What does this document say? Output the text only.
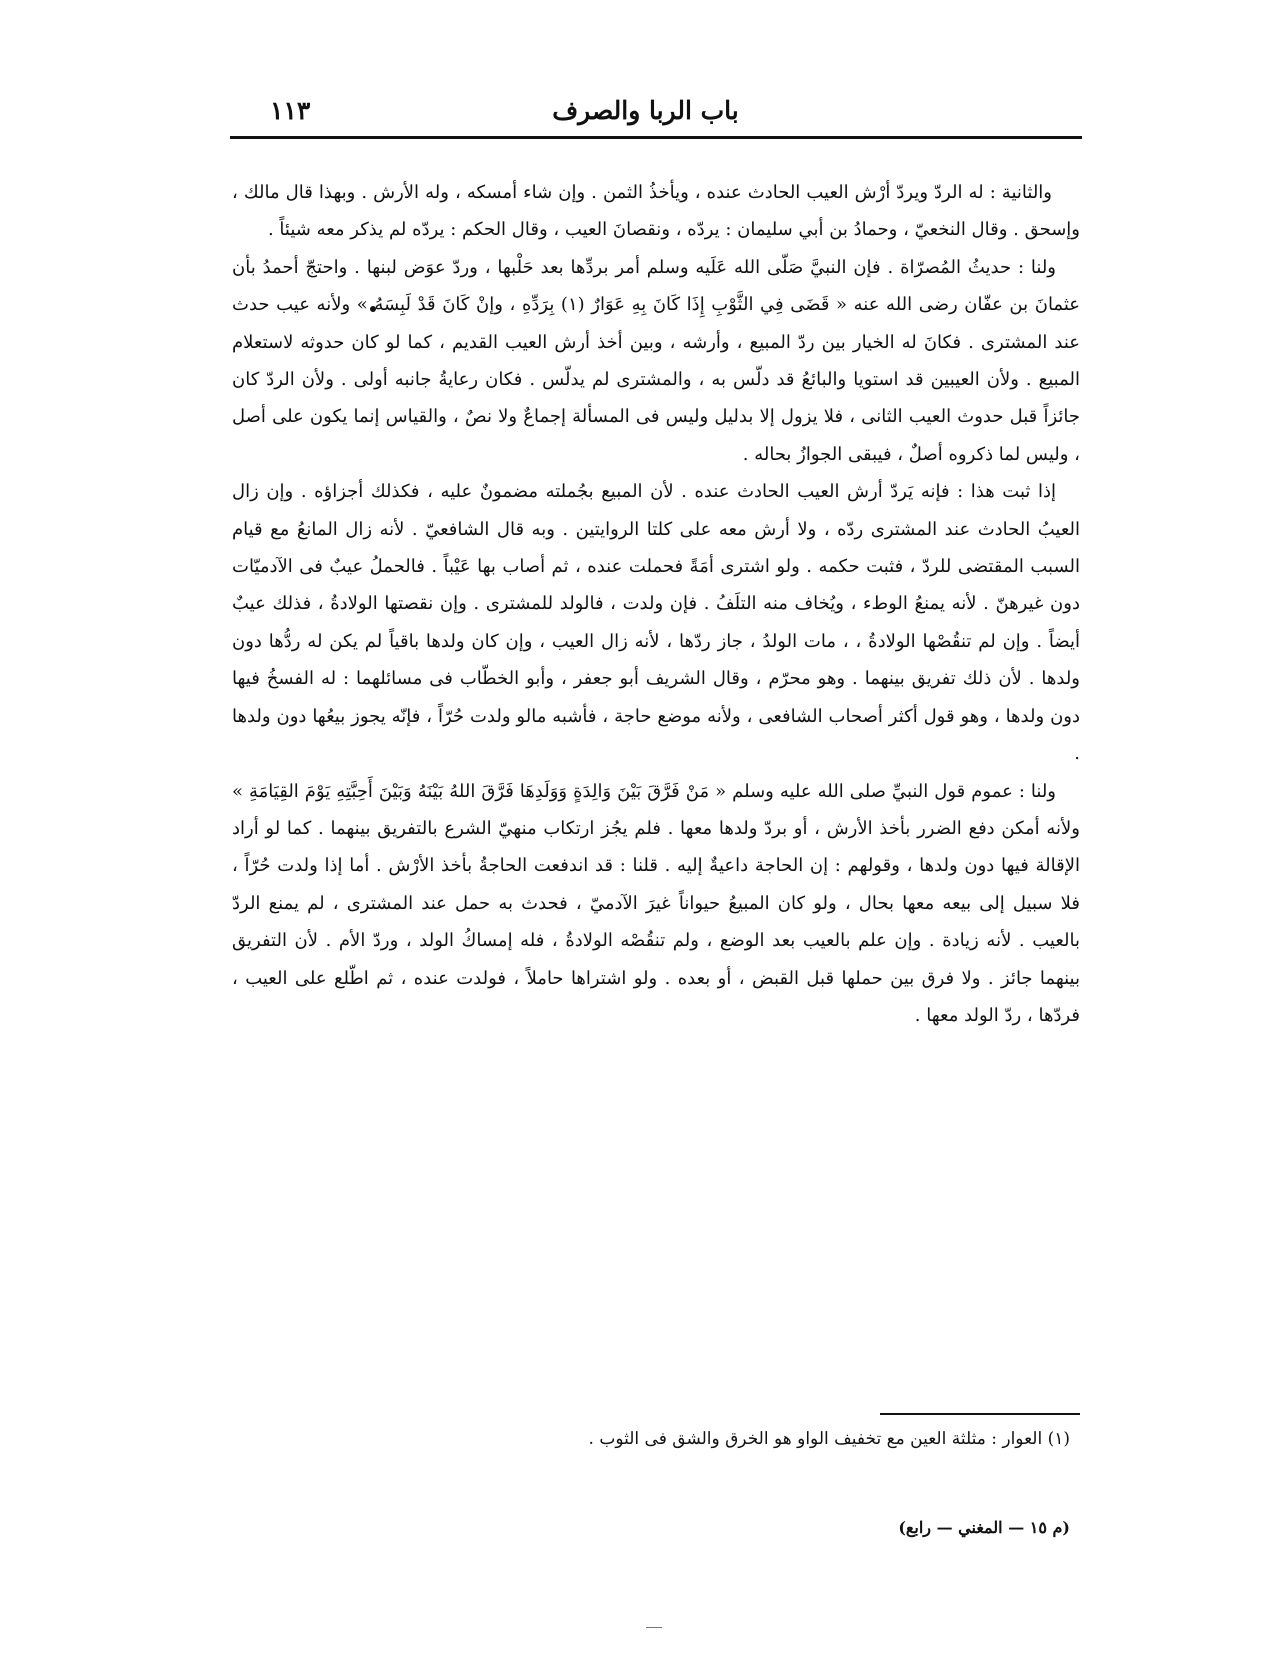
باب الربا والصرف
١١٣

والثانية : له الردّ ويردّ أرْش العيب الحادث عنده ، ويأخذُ الثمن . وإن شاء أمسكه ، وله الأرش . وبهذا قال مالك ، وإسحق . وقال النخعيّ ، وحمادُ بن أبي سليمان : يردّه ، ونقصانَ العيب ، وقال الحكم : يردّه لم يذكر معه شيئاً .

ولنا : حديثُ المُصرّاة . فإن النبيَّ صَلّى الله عَلَيه وسلم أمر بردِّها بعد حَلْبها ، وردّ عوَض لبنها . واحتجّ أحمدُ بأن عثمانَ بن عفّان رضى الله عنه « قَضَى فِي الثَّوْبِ إِذَا كَانَ بِهِ عَوَارٌ (١) بِرَدِّهِ ، وإنْ كَانَ قَدْ لَبِسَهُ » ولأنه عيب حدث عند المشترى . فكانَ له الخيار بين ردّ المبيع ، وأرشه ، وبين أخذ أرش العيب القديم ، كما لو كان حدوثه لاستعلام المبيع . ولأن العيبين قد استويا والبائعُ قد دلّس به ، والمشترى لم يدلّس . فكان رعايةُ جانبه أولى . ولأن الردّ كان جائزاً قبل حدوث العيب الثانى ، فلا يزول إلا بدليل وليس فى المسألة إجماعٌ ولا نصٌ ، والقياس إنما يكون على أصل ، وليس لما ذكروه أصلٌ ، فيبقى الجوازُ بحاله .

إذا ثبت هذا : فإنه يَردّ أرش العيب الحادث عنده . لأن المبيع بجُملته مضمونٌ عليه ، فكذلك أجزاؤه . وإن زال العيبُ الحادث عند المشترى ردّه ، ولا أرش معه على كلتا الروايتين . وبه قال الشافعيّ . لأنه زال المانعُ مع قيام السبب المقتضى للردّ ، فثبت حكمه . ولو اشترى أمَةً فحملت عنده ، ثم أصاب بها عَيْباً . فالحملُ عيبٌ فى الآدميّات دون غيرهنّ . لأنه يمنعُ الوطء ، ويُخاف منه التلَفُ . فإن ولدت ، فالولد للمشترى . وإن نقصتها الولادةُ ، فذلك عيبٌ أيضاً . وإن لم تنقُصْها الولادةُ ، ، مات الولدُ ، جاز ردّها ، لأنه زال العيب ، وإن كان ولدها باقياً لم يكن له ردُّها دون ولدها . لأن ذلك تفريق بينهما . وهو محرّم ، وقال الشريف أبو جعفر ، وأبو الخطّاب فى مسائلهما : له الفسخُ فيها دون ولدها ، وهو قول أكثر أصحاب الشافعى ، ولأنه موضع حاجة ، فأشبه مالو ولدت حُرّاً ، فإنّه يجوز بيعُها دون ولدها .

ولنا : عموم قول النبيِّ صلى الله عليه وسلم « مَنْ فَرَّقَ بَيْنَ وَالِدَةٍ وَوَلَدِهَا فَرَّقَ اللهُ بَيْنَهُ وَبَيْنَ أَحِبَّتِهِ يَوْمَ القِيَامَةِ » ولأنه أمكن دفع الضرر بأخذ الأرش ، أو بردّ ولدها معها . فلم يجُز ارتكاب منهيّ الشرع بالتفريق بينهما . كما لو أراد الإقالة فيها دون ولدها ، وقولهم : إن الحاجة داعيةٌ إليه . قلنا : قد اندفعت الحاجةُ بأخذ الأرْش . أما إذا ولدت حُرّاً ، فلا سبيل إلى بيعه معها بحال ، ولو كان المبيعُ حيواناً غيرَ الآدميّ ، فحدث به حمل عند المشترى ، لم يمنع الردّ بالعيب . لأنه زيادة . وإن علم بالعيب بعد الوضع ، ولم تنقُصْه الولادةُ ، فله إمساكُ الولد ، وردّ الأم . لأن التفريق بينهما جائز . ولا فرق بين حملها قبل القبض ، أو بعده . ولو اشتراها حاملاً ، فولدت عنده ، ثم اطّلع على العيب ، فردّها ، ردّ الولد معها .

(١) العوار : مثلثة العين مع تخفيف الواو هو الخرق والشق فى الثوب .
(م ١٥ — المغني — رابع)
